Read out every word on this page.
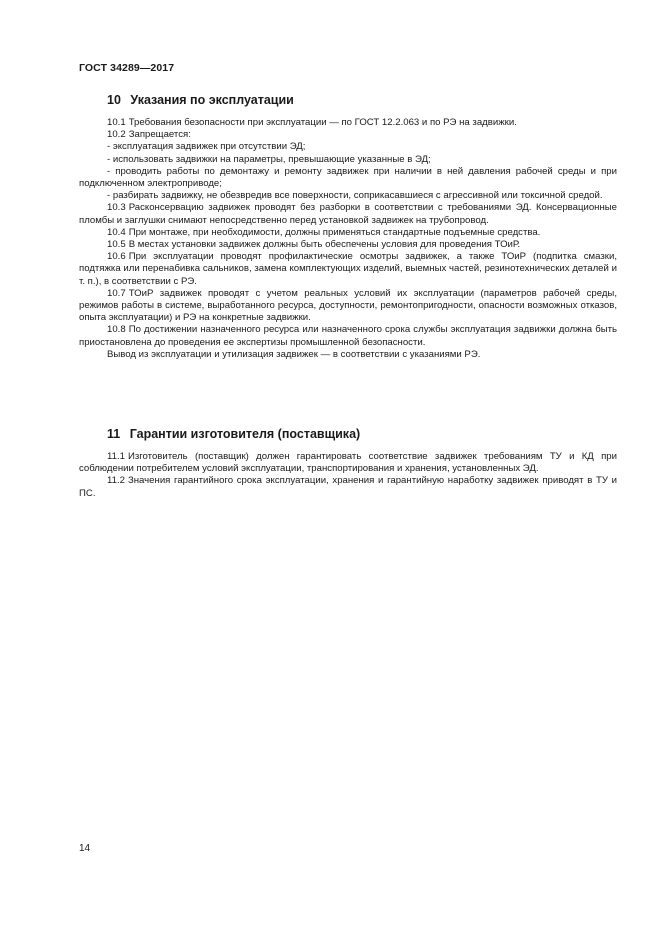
ГОСТ 34289—2017
10 Указания по эксплуатации

10.1 Требования безопасности при эксплуатации — по ГОСТ 12.2.063 и по РЭ на задвижки.

10.2 Запрещается:

- эксплуатация задвижек при отсутствии ЭД;

- использовать задвижки на параметры, превышающие указанные в ЭД;

- проводить работы по демонтажу и ремонту задвижек при наличии в ней давления рабочей среды и при подключенном электроприводе;

- разбирать задвижку, не обезвредив все поверхности, соприкасавшиеся с агрессивной или токсичной средой.

10.3 Расконсервацию задвижек проводят без разборки в соответствии с требованиями ЭД. Консервационные пломбы и заглушки снимают непосредственно перед установкой задвижек на трубопровод.

10.4 При монтаже, при необходимости, должны применяться стандартные подъемные средства.

10.5 В местах установки задвижек должны быть обеспечены условия для проведения ТОиР.

10.6 При эксплуатации проводят профилактические осмотры задвижек, а также ТОиР (подпитка смазки, подтяжка или перенабивка сальников, замена комплектующих изделий, выемных частей, резинотехнических деталей и т. п.), в соответствии с РЭ.

10.7 ТОиР задвижек проводят с учетом реальных условий их эксплуатации (параметров рабочей среды, режимов работы в системе, выработанного ресурса, доступности, ремонтопригодности, опасности возможных отказов, опыта эксплуатации) и РЭ на конкретные задвижки.

10.8 По достижении назначенного ресурса или назначенного срока службы эксплуатация задвижки должна быть приостановлена до проведения ее экспертизы промышленной безопасности.

Вывод из эксплуатации и утилизация задвижек — в соответствии с указаниями РЭ.

11 Гарантии изготовителя (поставщика)

11.1 Изготовитель (поставщик) должен гарантировать соответствие задвижек требованиям ТУ и КД при соблюдении потребителем условий эксплуатации, транспортирования и хранения, установленных ЭД.

11.2 Значения гарантийного срока эксплуатации, хранения и гарантийную наработку задвижек приводят в ТУ и ПС.

14
